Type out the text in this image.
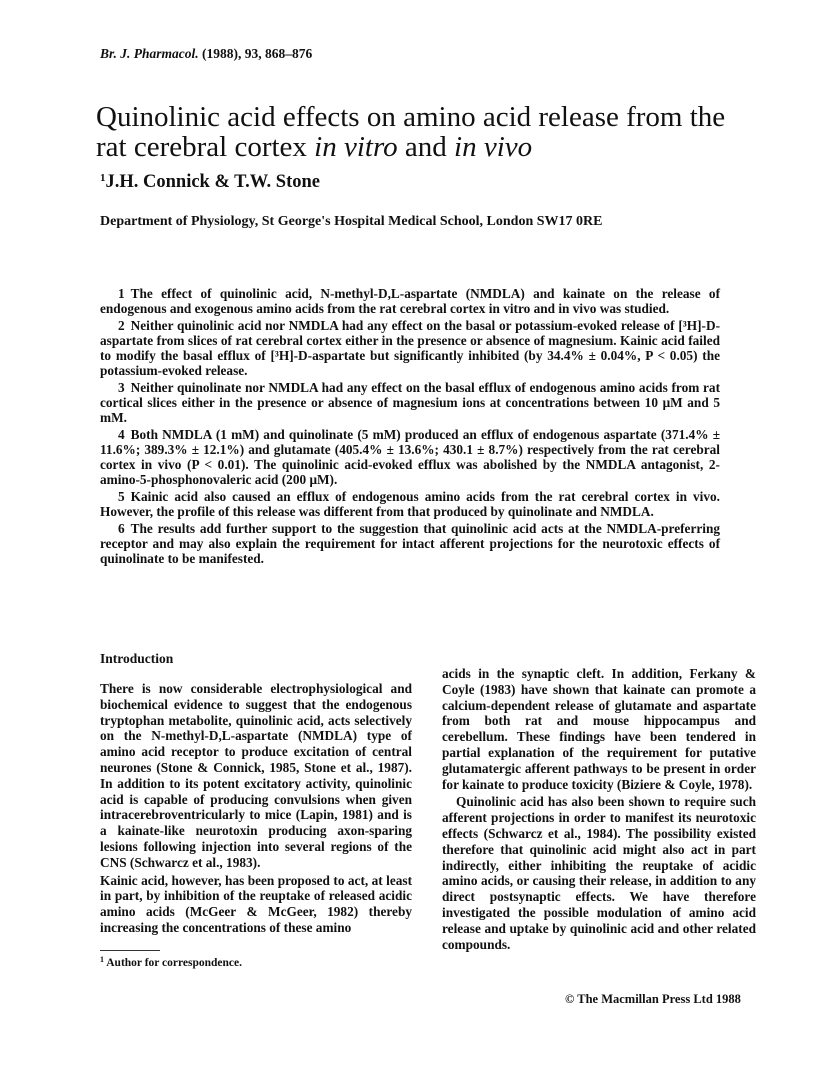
Br. J. Pharmacol. (1988), 93, 868–876
Quinolinic acid effects on amino acid release from the
rat cerebral cortex in vitro and in vivo
$^1$J.H. Connick & T.W. Stone
Department of Physiology, St George's Hospital Medical School, London SW17 0RE

1 The effect of quinolinic acid, N-methyl-D,L-aspartate (NMDLA) and kainate on the release of endogenous and exogenous amino acids from the rat cerebral cortex in vitro and in vivo was studied.

2 Neither quinolinic acid nor NMDLA had any effect on the basal or potassium-evoked release of [³H]-D-aspartate from slices of rat cerebral cortex either in the presence or absence of magnesium. Kainic acid failed to modify the basal efflux of [³H]-D-aspartate but significantly inhibited (by 34.4% ± 0.04%, P < 0.05) the potassium-evoked release.

3 Neither quinolinate nor NMDLA had any effect on the basal efflux of endogenous amino acids from rat cortical slices either in the presence or absence of magnesium ions at concentrations between 10 μM and 5 mM.

4 Both NMDLA (1 mM) and quinolinate (5 mM) produced an efflux of endogenous aspartate (371.4% ± 11.6%; 389.3% ± 12.1%) and glutamate (405.4% ± 13.6%; 430.1 ± 8.7%) respectively from the rat cerebral cortex in vivo (P < 0.01). The quinolinic acid-evoked efflux was abolished by the NMDLA antagonist, 2-amino-5-phosphonovaleric acid (200 μM).

5 Kainic acid also caused an efflux of endogenous amino acids from the rat cerebral cortex in vivo. However, the profile of this release was different from that produced by quinolinate and NMDLA.

6 The results add further support to the suggestion that quinolinic acid acts at the NMDLA-preferring receptor and may also explain the requirement for intact afferent projections for the neurotoxic effects of quinolinate to be manifested.

Introduction

There is now considerable electrophysiological and biochemical evidence to suggest that the endogenous tryptophan metabolite, quinolinic acid, acts selectively on the N-methyl-D,L-aspartate (NMDLA) type of amino acid receptor to produce excitation of central neurones (Stone & Connick, 1985, Stone et al., 1987). In addition to its potent excitatory activity, quinolinic acid is capable of producing convulsions when given intracerebroventricularly to mice (Lapin, 1981) and is a kainate-like neurotoxin producing axon-sparing lesions following injection into several regions of the CNS (Schwarcz et al., 1983).

Kainic acid, however, has been proposed to act, at least in part, by inhibition of the reuptake of released acidic amino acids (McGeer & McGeer, 1982) thereby increasing the concentrations of these amino

acids in the synaptic cleft. In addition, Ferkany & Coyle (1983) have shown that kainate can promote a calcium-dependent release of glutamate and aspartate from both rat and mouse hippocampus and cerebellum. These findings have been tendered in partial explanation of the requirement for putative glutamatergic afferent pathways to be present in order for kainate to produce toxicity (Biziere & Coyle, 1978).

Quinolinic acid has also been shown to require such afferent projections in order to manifest its neurotoxic effects (Schwarcz et al., 1984). The possibility existed therefore that quinolinic acid might also act in part indirectly, either inhibiting the reuptake of acidic amino acids, or causing their release, in addition to any direct postsynaptic effects. We have therefore investigated the possible modulation of amino acid release and uptake by quinolinic acid and other related compounds.

$^1$ Author for correspondence.
© The Macmillan Press Ltd 1988
